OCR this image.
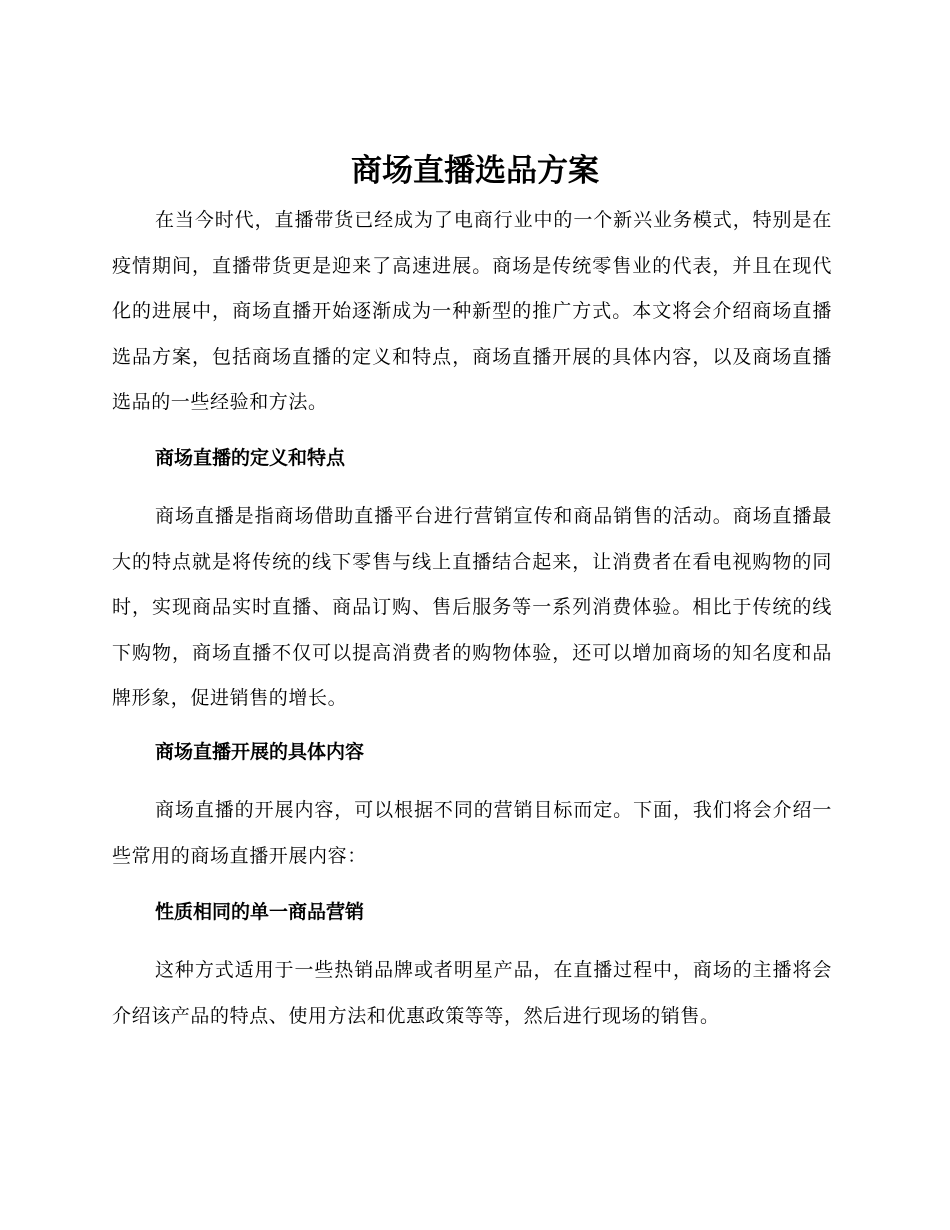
商场直播选品方案

在当今时代，直播带货已经成为了电商行业中的一个新兴业务模式，特别是在疫情期间，直播带货更是迎来了高速进展。商场是传统零售业的代表，并且在现代化的进展中，商场直播开始逐渐成为一种新型的推广方式。本文将会介绍商场直播选品方案，包括商场直播的定义和特点，商场直播开展的具体内容，以及商场直播选品的一些经验和方法。

商场直播的定义和特点

商场直播是指商场借助直播平台进行营销宣传和商品销售的活动。商场直播最大的特点就是将传统的线下零售与线上直播结合起来，让消费者在看电视购物的同时，实现商品实时直播、商品订购、售后服务等一系列消费体验。相比于传统的线下购物，商场直播不仅可以提高消费者的购物体验，还可以增加商场的知名度和品牌形象，促进销售的增长。

商场直播开展的具体内容

商场直播的开展内容，可以根据不同的营销目标而定。下面，我们将会介绍一些常用的商场直播开展内容：

性质相同的单一商品营销

这种方式适用于一些热销品牌或者明星产品，在直播过程中，商场的主播将会介绍该产品的特点、使用方法和优惠政策等等，然后进行现场的销售。
